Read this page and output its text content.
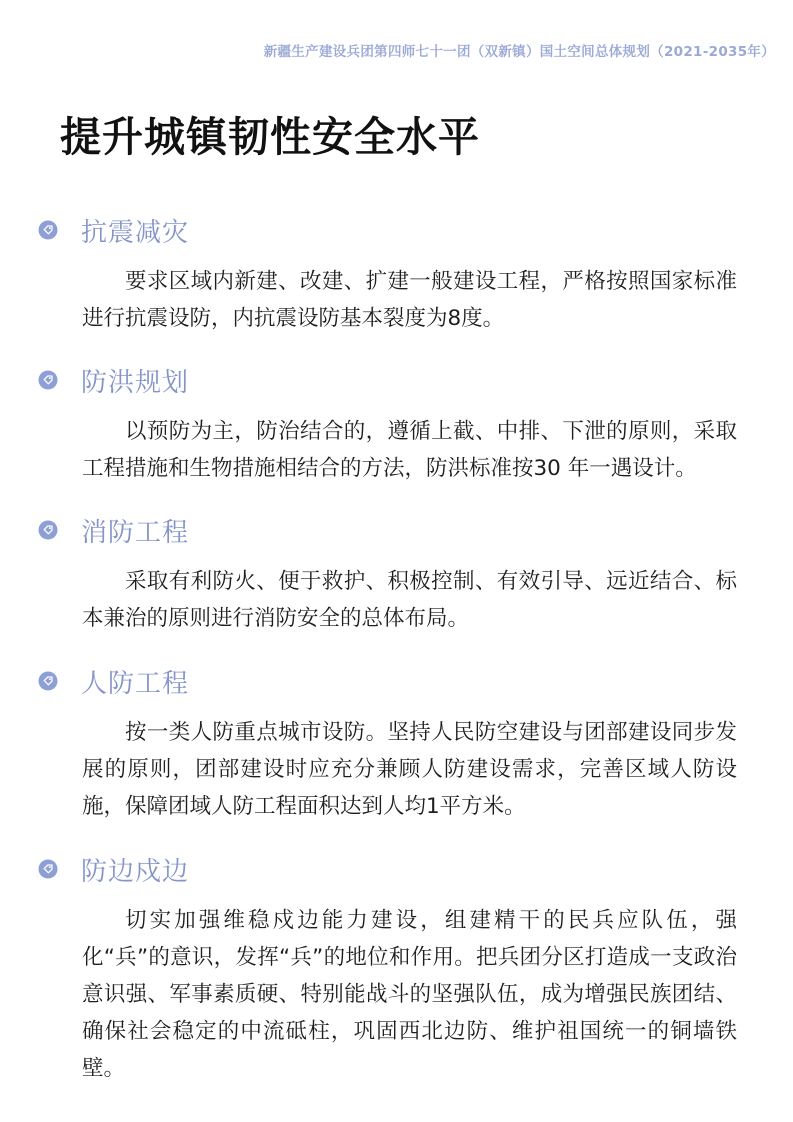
新疆生产建设兵团第四师七十一团（双新镇）国土空间总体规划（2021-2035年）
提升城镇韧性安全水平
抗震减灾

要求区域内新建、改建、扩建一般建设工程，严格按照国家标准进行抗震设防，内抗震设防基本裂度为8度。

防洪规划

以预防为主，防治结合的，遵循上截、中排、下泄的原则，采取工程措施和生物措施相结合的方法，防洪标准按30 年一遇设计。

消防工程

采取有利防火、便于救护、积极控制、有效引导、远近结合、标本兼治的原则进行消防安全的总体布局。

人防工程

按一类人防重点城市设防。坚持人民防空建设与团部建设同步发展的原则，团部建设时应充分兼顾人防建设需求，完善区域人防设施，保障团域人防工程面积达到人均1平方米。

防边戍边

切实加强维稳戍边能力建设，组建精干的民兵应队伍，强化“兵”的意识，发挥“兵”的地位和作用。把兵团分区打造成一支政治意识强、军事素质硬、特别能战斗的坚强队伍，成为增强民族团结、确保社会稳定的中流砥柱，巩固西北边防、维护祖国统一的铜墙铁壁。
